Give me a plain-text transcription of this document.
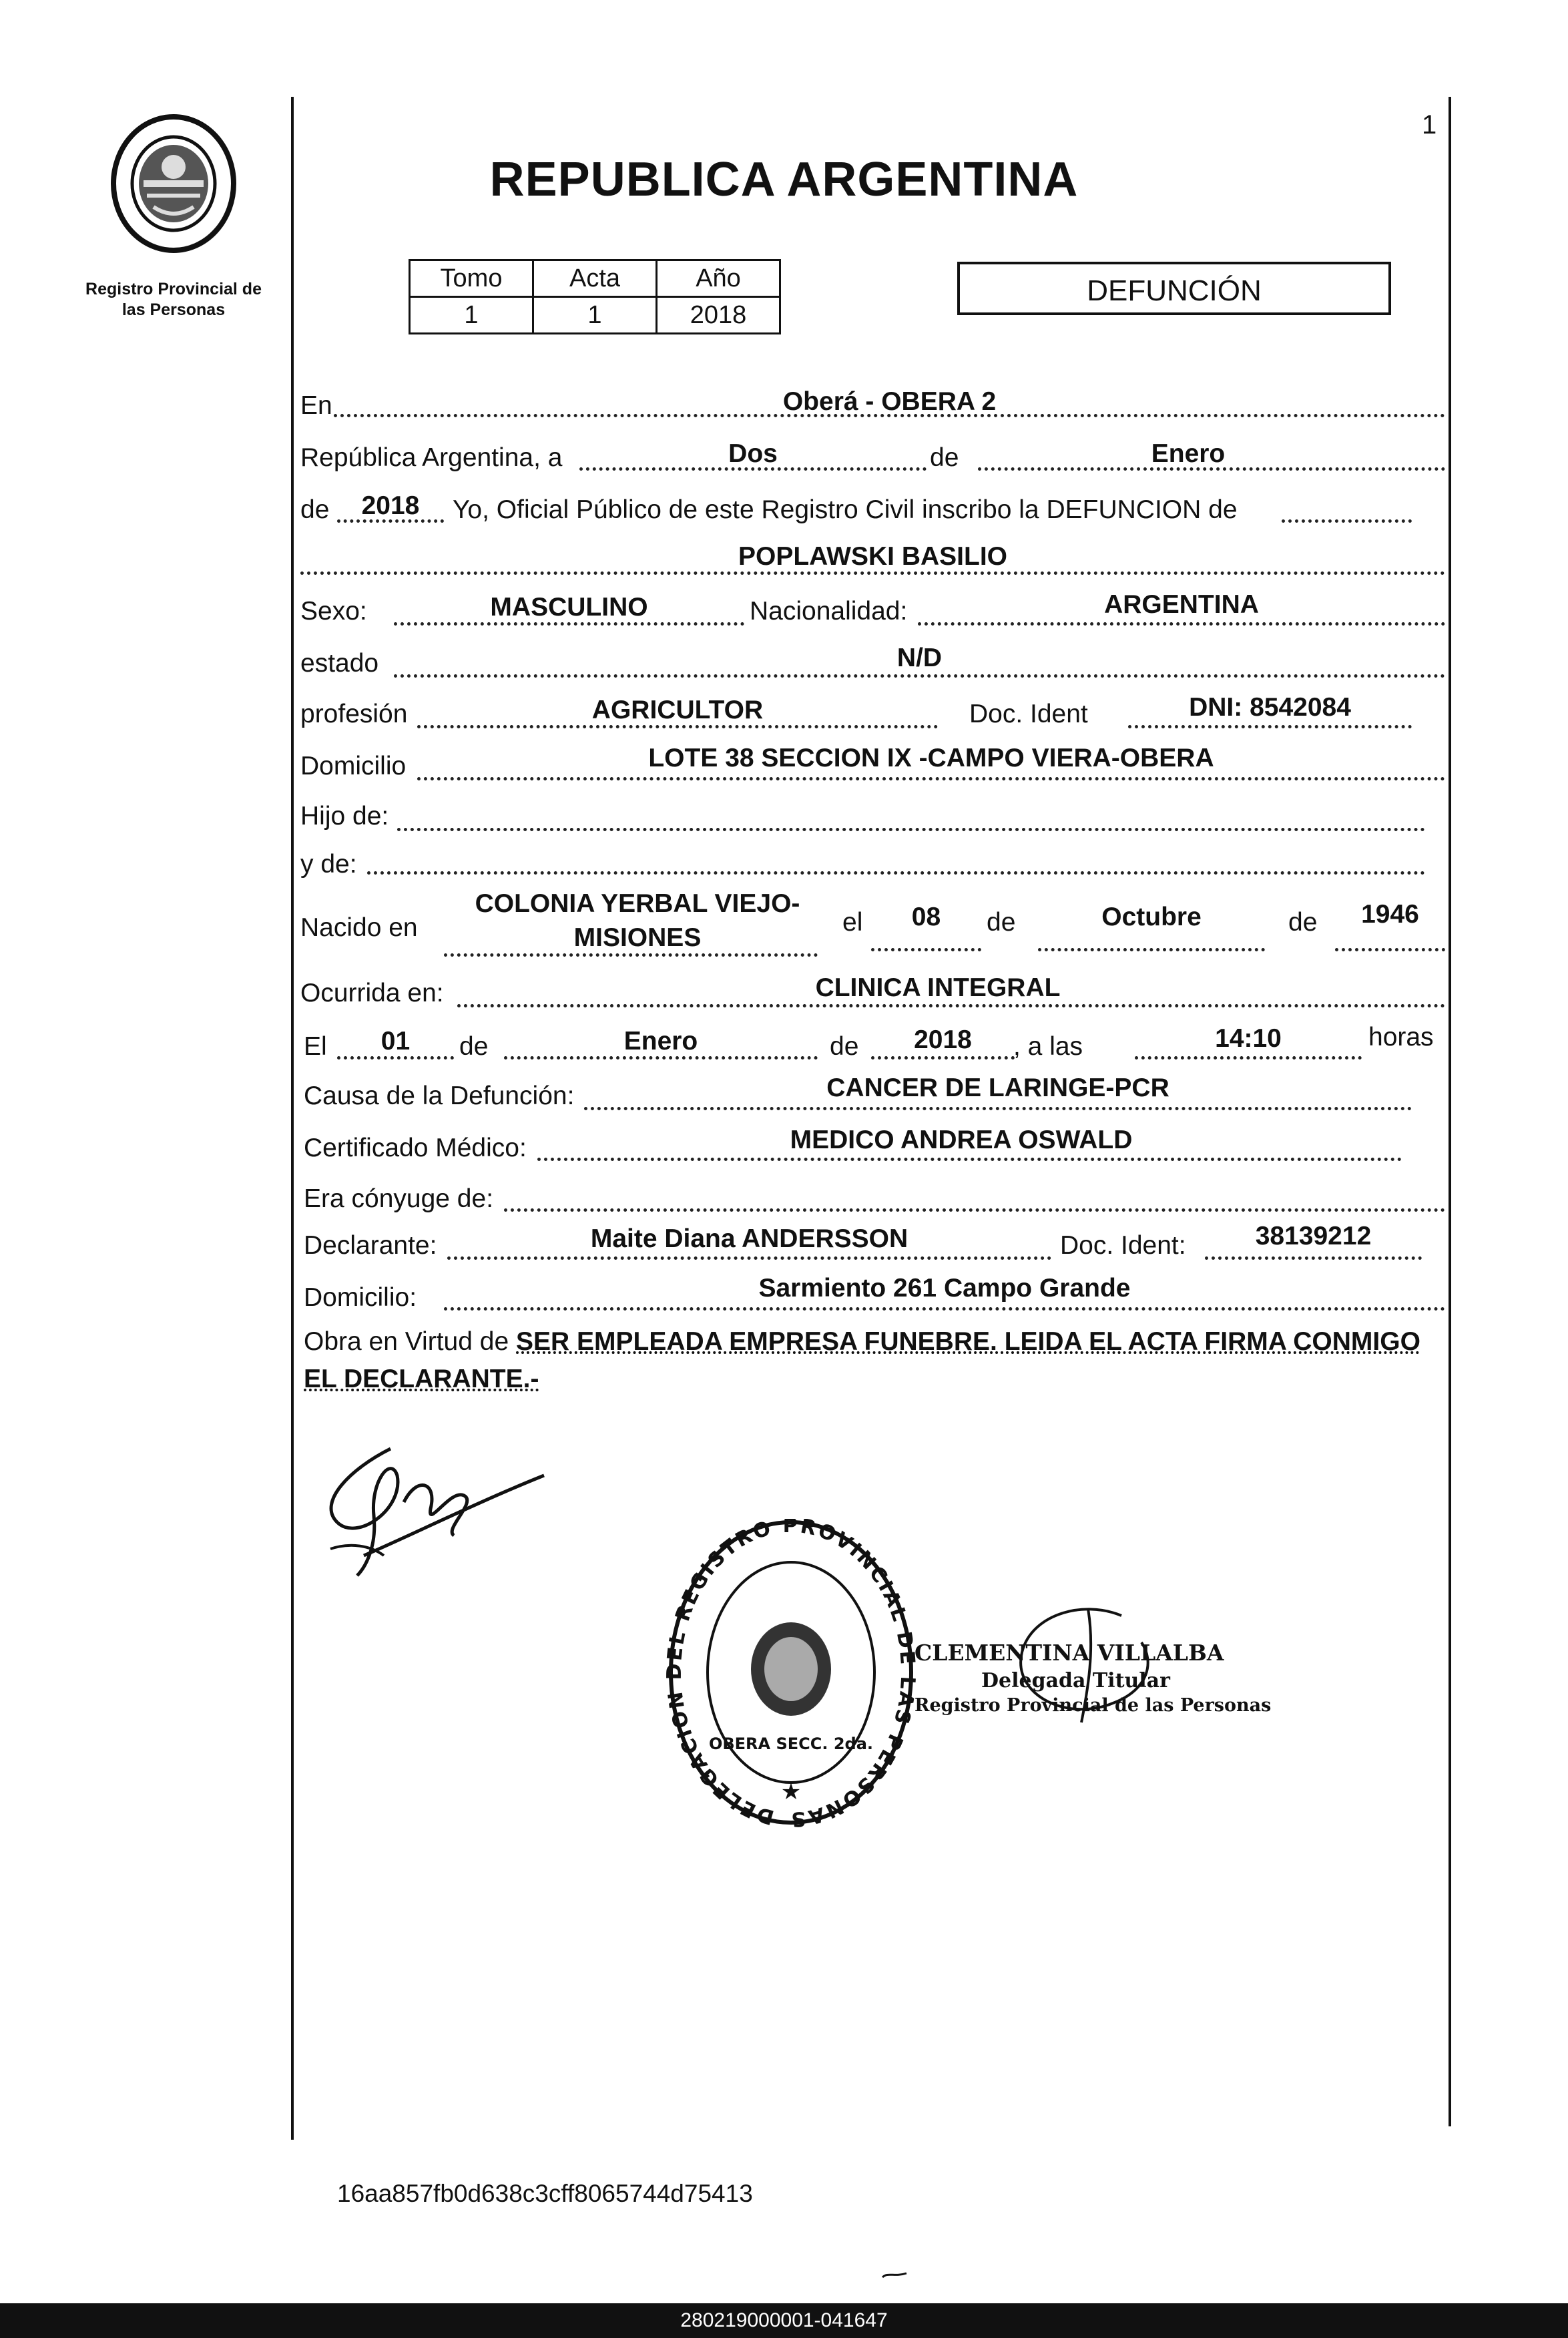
Registro Provincial de
las Personas
1
REPUBLICA ARGENTINA
Tomo	Acta	Año
1	1	2018
DEFUNCIÓN
En	Oberá - OBERA 2
República Argentina, a	Dos	de	Enero
de	2018	Yo, Oficial Público de este Registro Civil inscribo la DEFUNCION de
POPLAWSKI BASILIO
Sexo:	MASCULINO	Nacionalidad:	ARGENTINA
estado	N/D
profesión	AGRICULTOR	Doc. Ident	DNI: 8542084
Domicilio	LOTE 38 SECCION IX -CAMPO VIERA-OBERA
Hijo de:
y de:
Nacido en
COLONIA YERBAL VIEJO-
MISIONES
el	08	de	Octubre	de	1946
Ocurrida en:	CLINICA INTEGRAL
El	01	de	Enero	de	2018	, a las	14:10	horas
Causa de la Defunción:	CANCER DE LARINGE-PCR
Certificado Médico:	MEDICO ANDREA OSWALD
Era cónyuge de:
Declarante:	Maite Diana ANDERSSON	Doc. Ident:	38139212
Domicilio:	Sarmiento 261 Campo Grande
Obra en Virtud de SER EMPLEADA EMPRESA FUNEBRE. LEIDA EL ACTA FIRMA CONMIGO EL DECLARANTE.-
DELEGACION DEL REGISTRO PROVINCIAL DE LAS PERSONAS
OBERA SECC. 2da.
★
CLEMENTINA VILLALBA
Delegada Titular
Registro Provincial de las Personas
16aa857fb0d638c3cff8065744d75413
280219000001-041647
